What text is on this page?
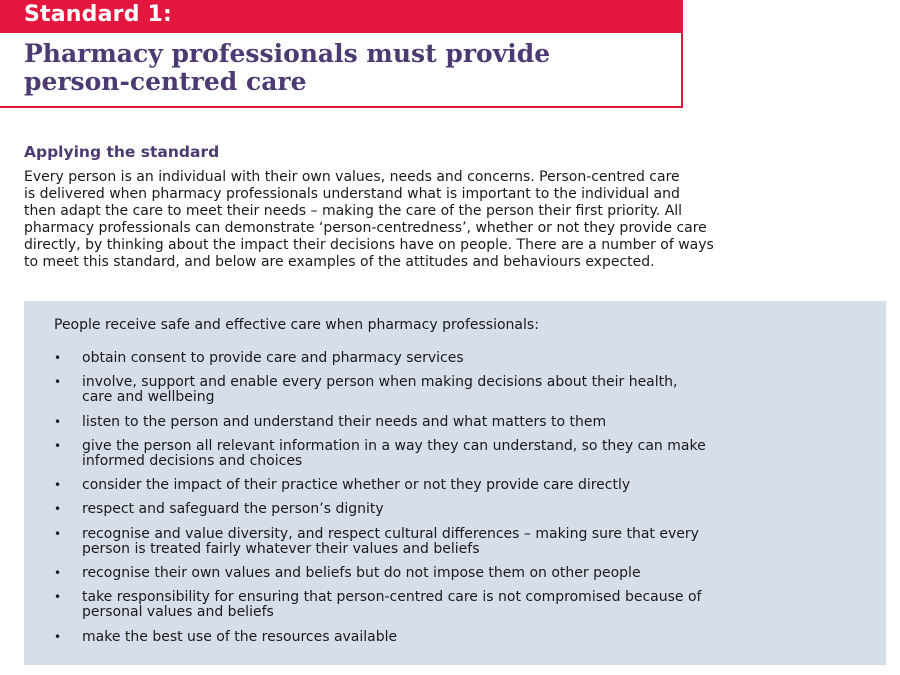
Standard 1:
Pharmacy professionals must provide
person-centred care
Applying the standard

Every person is an individual with their own values, needs and concerns. Person-centred care
is delivered when pharmacy professionals understand what is important to the individual and
then adapt the care to meet their needs – making the care of the person their first priority. All
pharmacy professionals can demonstrate ‘person-centredness’, whether or not they provide care
directly, by thinking about the impact their decisions have on people. There are a number of ways
to meet this standard, and below are examples of the attitudes and behaviours expected.

People receive safe and effective care when pharmacy professionals:

• obtain consent to provide care and pharmacy services
• involve, support and enable every person when making decisions about their health,
care and wellbeing
• listen to the person and understand their needs and what matters to them
• give the person all relevant information in a way they can understand, so they can make
informed decisions and choices
• consider the impact of their practice whether or not they provide care directly
• respect and safeguard the person’s dignity
• recognise and value diversity, and respect cultural differences – making sure that every
person is treated fairly whatever their values and beliefs
• recognise their own values and beliefs but do not impose them on other people
• take responsibility for ensuring that person-centred care is not compromised because of
personal values and beliefs
• make the best use of the resources available
